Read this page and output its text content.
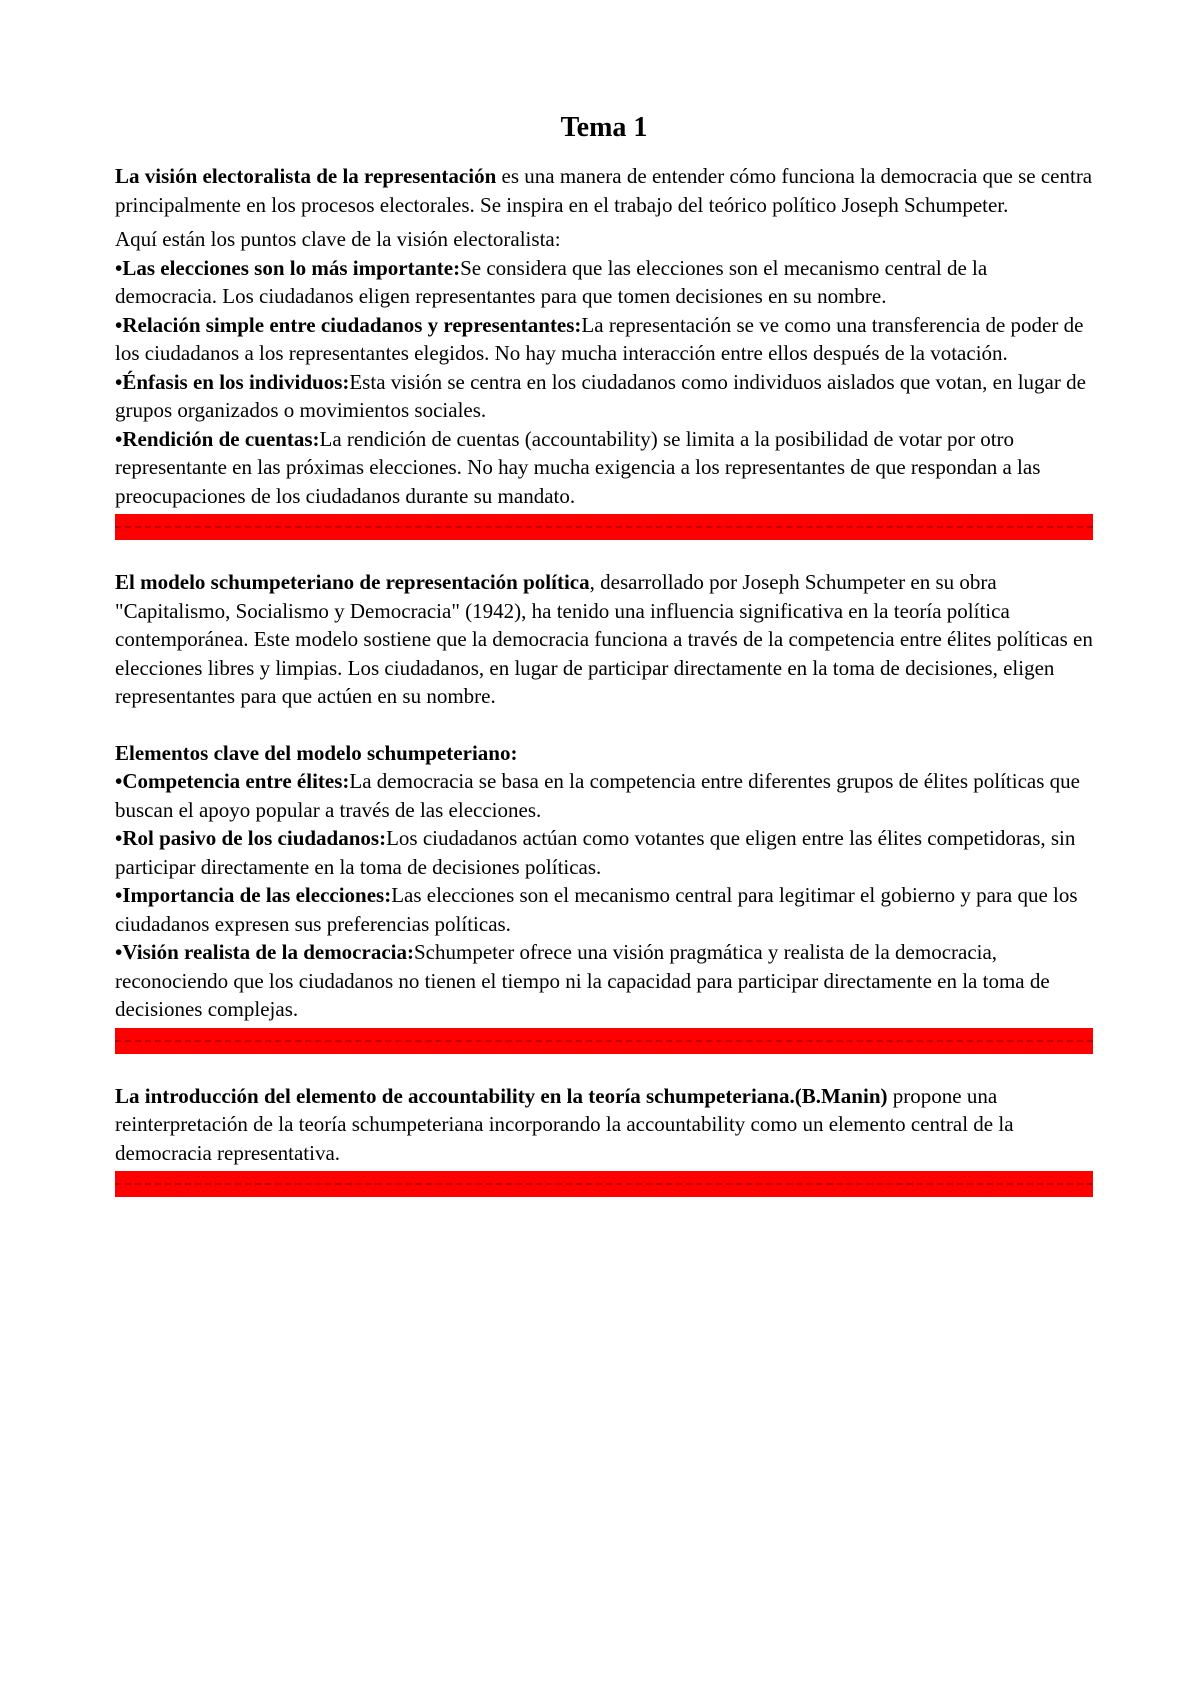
Tema 1

La visión electoralista de la representación es una manera de entender cómo funciona la democracia que se centra principalmente en los procesos electorales. Se inspira en el trabajo del teórico político Joseph Schumpeter.

Aquí están los puntos clave de la visión electoralista:

•Las elecciones son lo más importante:Se considera que las elecciones son el mecanismo central de la democracia. Los ciudadanos eligen representantes para que tomen decisiones en su nombre.

•Relación simple entre ciudadanos y representantes:La representación se ve como una transferencia de poder de los ciudadanos a los representantes elegidos. No hay mucha interacción entre ellos después de la votación.

•Énfasis en los individuos:Esta visión se centra en los ciudadanos como individuos aislados que votan, en lugar de grupos organizados o movimientos sociales.

•Rendición de cuentas:La rendición de cuentas (accountability) se limita a la posibilidad de votar por otro representante en las próximas elecciones. No hay mucha exigencia a los representantes de que respondan a las preocupaciones de los ciudadanos durante su mandato.

El modelo schumpeteriano de representación política, desarrollado por Joseph Schumpeter en su obra "Capitalismo, Socialismo y Democracia" (1942), ha tenido una influencia significativa en la teoría política contemporánea. Este modelo sostiene que la democracia funciona a través de la competencia entre élites políticas en elecciones libres y limpias. Los ciudadanos, en lugar de participar directamente en la toma de decisiones, eligen representantes para que actúen en su nombre.

Elementos clave del modelo schumpeteriano:

•Competencia entre élites:La democracia se basa en la competencia entre diferentes grupos de élites políticas que buscan el apoyo popular a través de las elecciones.

•Rol pasivo de los ciudadanos:Los ciudadanos actúan como votantes que eligen entre las élites competidoras, sin participar directamente en la toma de decisiones políticas.

•Importancia de las elecciones:Las elecciones son el mecanismo central para legitimar el gobierno y para que los ciudadanos expresen sus preferencias políticas.

•Visión realista de la democracia:Schumpeter ofrece una visión pragmática y realista de la democracia, reconociendo que los ciudadanos no tienen el tiempo ni la capacidad para participar directamente en la toma de decisiones complejas.

La introducción del elemento de accountability en la teoría schumpeteriana.(B.Manin) propone una reinterpretación de la teoría schumpeteriana incorporando la accountability como un elemento central de la democracia representativa.
